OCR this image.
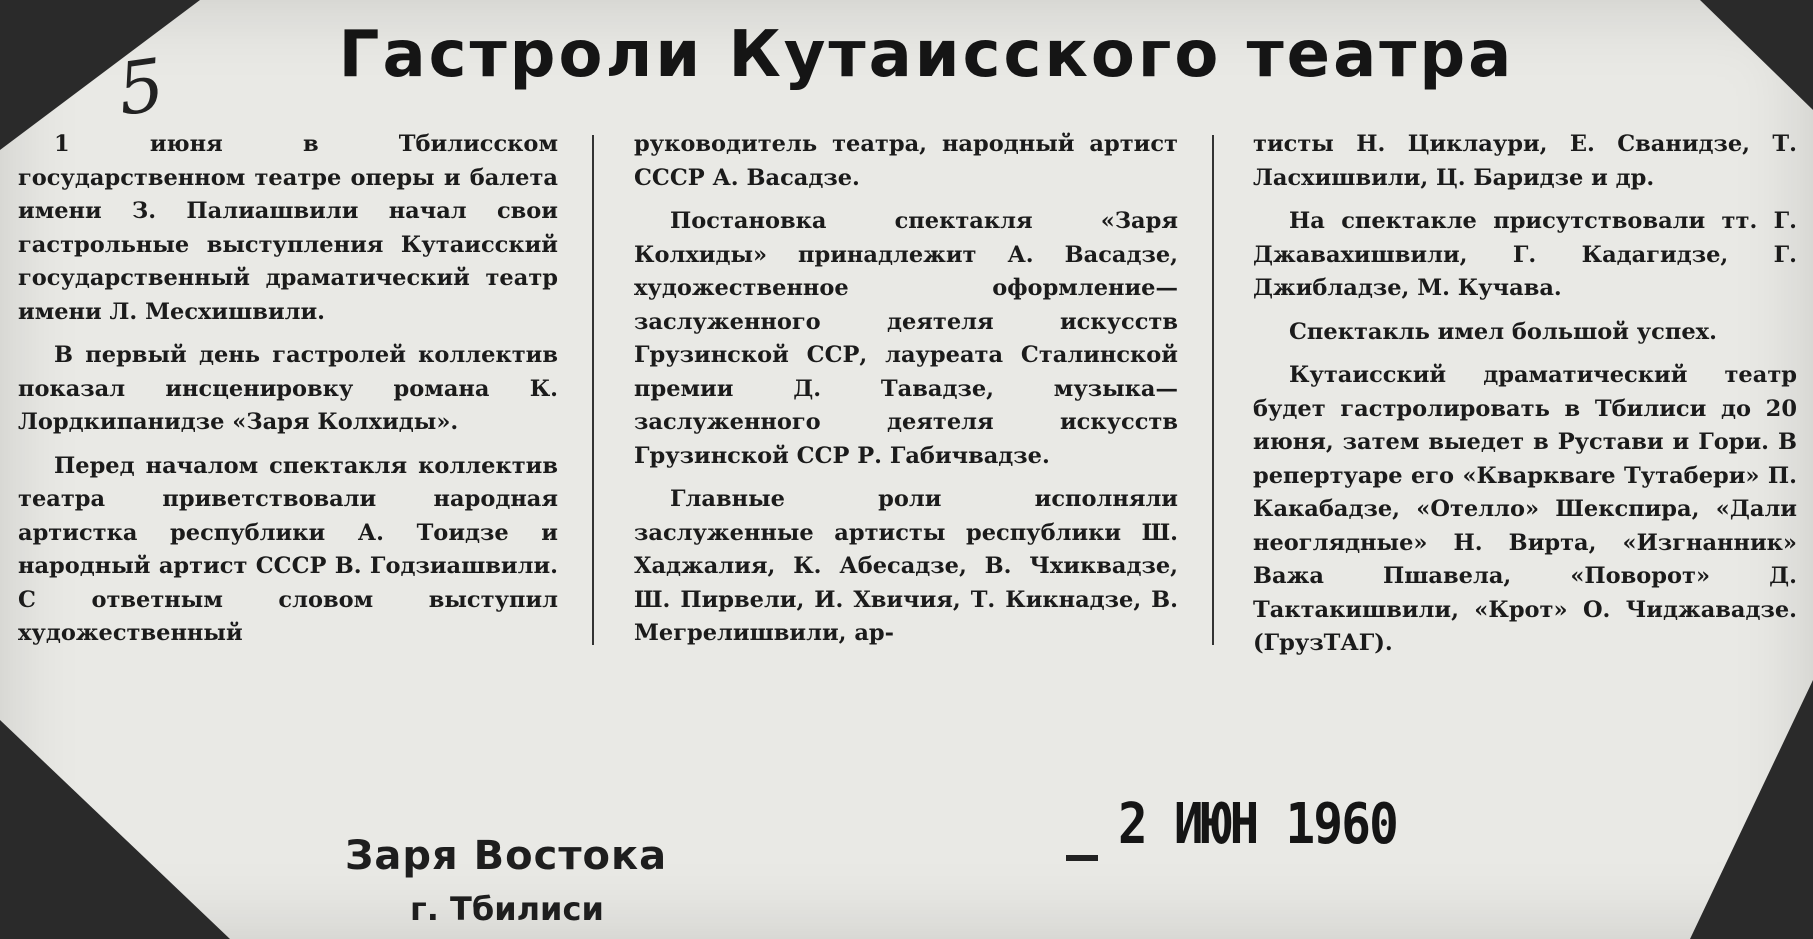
5	Гастроли Кутаисского театра

1 июня в Тбилисском государственном театре оперы и балета имени З. Палиашвили начал свои гастрольные выступления Кутаисский государственный драматический театр имени Л. Месхишвили.

В первый день гастролей коллектив показал инсценировку романа К. Лордкипанидзе «Заря Колхиды».

Перед началом спектакля коллектив театра приветствовали народная артистка республики А. Тоидзе и народный артист СССР В. Годзиашвили. С ответным словом выступил художественный

руководитель театра, народный артист СССР А. Васадзе.

Постановка спектакля «Заря Колхиды» принадлежит А. Васадзе, художественное оформление— заслуженного деятеля искусств Грузинской ССР, лауреата Сталинской премии Д. Тавадзе, музыка— заслуженного деятеля искусств Грузинской ССР Р. Габичвадзе.

Главные роли исполняли заслуженные артисты республики Ш. Хаджалия, К. Абесадзе, В. Чхиквадзе, Ш. Пирвели, И. Хвичия, Т. Кикнадзе, В. Мегрелишвили, ар-

тисты Н. Циклаури, Е. Сванидзе, Т. Ласхишвили, Ц. Баридзе и др.

На спектакле присутствовали тт. Г. Джавахишвили, Г. Кадагидзе, Г. Джибладзе, М. Кучава.

Спектакль имел большой успех.

Кутаисский драматический театр будет гастролировать в Тбилиси до 20 июня, затем выедет в Рустави и Гори. В репертуаре его «Кварквare Тутабери» П. Какабадзе, «Отелло» Шекспира, «Дали неоглядные» Н. Вирта, «Изгнанник» Важа Пшавела, «Поворот» Д. Тактакишвили, «Крот» О. Чиджавадзе. (ГрузТАГ).

Заря Востока
г. Тбилиси
2 ИЮН 1960
